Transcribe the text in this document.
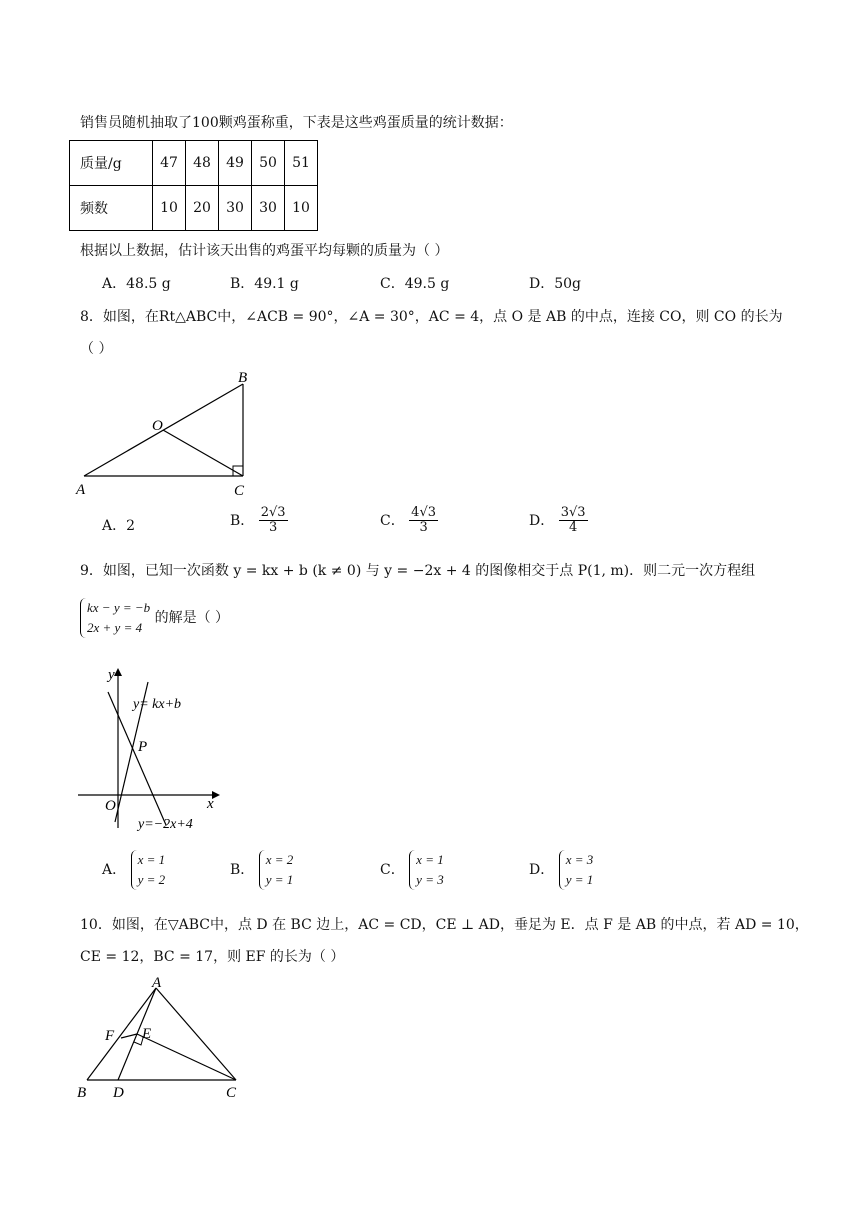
销售员随机抽取了100颗鸡蛋称重，下表是这些鸡蛋质量的统计数据：
质量/g	47	48	49	50	51
频数	10	20	30	30	10
根据以上数据，估计该天出售的鸡蛋平均每颗的质量为（ ）
A．48.5 g	B．49.1 g	C．49.5 g	D．50g
8．如图，在Rt△ABC中，∠ACB = 90°，∠A = 30°，AC = 4，点 O 是 AB 的中点，连接 CO，则 CO 的长为
（ ）
B
O
A	C
A．2	B． $\frac{2√3}{3}$	C． $\frac{4√3}{3}$	D． $\frac{3√3}{4}$
9．如图，已知一次函数 y = kx + b (k ≠ 0) 与 y = −2x + 4 的图像相交于点 P(1, m)．则二元一次方程组
kx − y = −b
2x + y = 4
的解是（ ）
y
x
O
P
y= kx+b
y=−2x+4
A．
x = 1
y = 2
B．
x = 2
y = 1
C．
x = 1
y = 3
D．
x = 3
y = 1
10．如图，在▽ABC中，点 D 在 BC 边上，AC = CD，CE ⊥ AD，垂足为 E．点 F 是 AB 的中点，若 AD = 10，
CE = 12，BC = 17，则 EF 的长为（ ）
A
F E
B D	C
